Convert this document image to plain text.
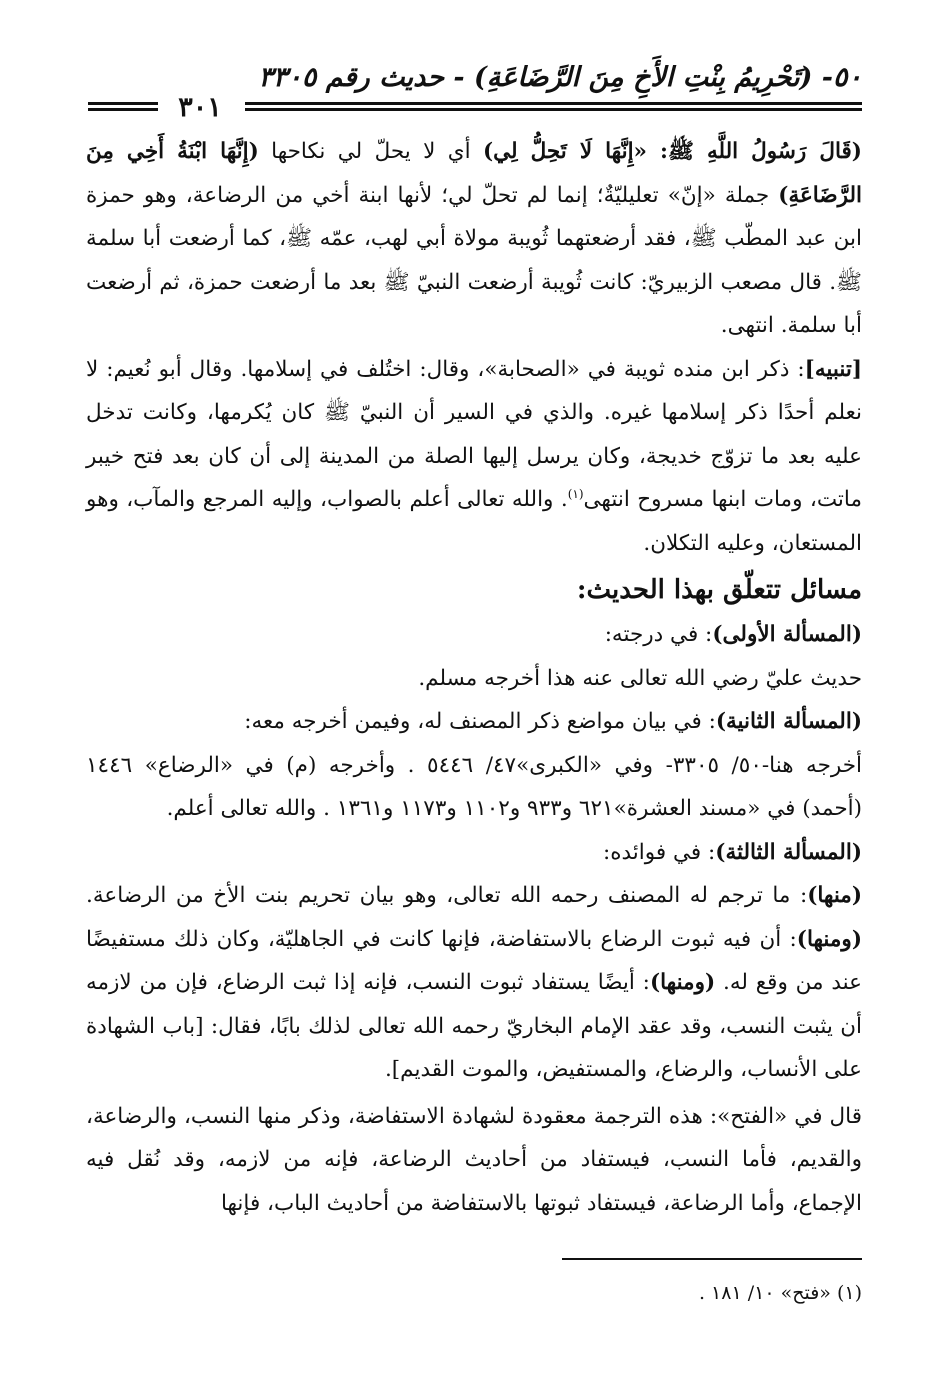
٥٠- (تَحْرِيمُ بِنْتِ الأَخِ مِنَ الرَّضَاعَةِ) - حديث رقم ٣٣٠٥
٣٠١

(قَالَ رَسُولُ اللَّهِ ﷺ: «إِنَّهَا لَا تَحِلُّ لِي) أي لا يحلّ لي نكاحها (إِنَّهَا ابْنَةُ أَخِي مِنَ الرَّضَاعَةِ) جملة «إنّ» تعليليّةٌ؛ إنما لم تحلّ لي؛ لأنها ابنة أخي من الرضاعة، وهو حمزة ابن عبد المطّب ﷺ، فقد أرضعتهما ثُويبة مولاة أبي لهب، عمّه ﷺ، كما أرضعت أبا سلمة ﷺ. قال مصعب الزبيريّ: كانت ثُويبة أرضعت النبيّ ﷺ بعد ما أرضعت حمزة، ثم أرضعت أبا سلمة. انتهى.

[تنبيه]: ذكر ابن منده ثويبة في «الصحابة»، وقال: اختُلف في إسلامها. وقال أبو نُعيم: لا نعلم أحدًا ذكر إسلامها غيره. والذي في السير أن النبيّ ﷺ كان يُكرمها، وكانت تدخل عليه بعد ما تزوّج خديجة، وكان يرسل إليها الصلة من المدينة إلى أن كان بعد فتح خيبر ماتت، ومات ابنها مسروح انتهى$^{(١)}$. والله تعالى أعلم بالصواب، وإليه المرجع والمآب، وهو المستعان، وعليه التكلان.

مسائل تتعلّق بهذا الحديث:

(المسألة الأولى): في درجته:

حديث عليّ رضي الله تعالى عنه هذا أخرجه مسلم.

(المسألة الثانية): في بيان مواضع ذكر المصنف له، وفيمن أخرجه معه:

أخرجه هنا-٥٠/ ٣٣٠٥- وفي «الكبرى»٤٧/ ٥٤٤٦ . وأخرجه (م) في «الرضاع» ١٤٤٦ (أحمد) في «مسند العشرة»٦٢١ و٩٣٣ و١١٠٢ و١١٧٣ و١٣٦١ . والله تعالى أعلم.

(المسألة الثالثة): في فوائده:

(منها): ما ترجم له المصنف رحمه الله تعالى، وهو بيان تحريم بنت الأخ من الرضاعة. (ومنها): أن فيه ثبوت الرضاع بالاستفاضة، فإنها كانت في الجاهليّة، وكان ذلك مستفيضًا عند من وقع له. (ومنها): أيضًا يستفاد ثبوت النسب، فإنه إذا ثبت الرضاع، فإن من لازمه أن يثبت النسب، وقد عقد الإمام البخاريّ رحمه الله تعالى لذلك بابًا، فقال: [باب الشهادة على الأنساب، والرضاع، والمستفيض، والموت القديم].

قال في «الفتح»: هذه الترجمة معقودة لشهادة الاستفاضة، وذكر منها النسب، والرضاعة، والقديم، فأما النسب، فيستفاد من أحاديث الرضاعة، فإنه من لازمه، وقد نُقل فيه الإجماع، وأما الرضاعة، فيستفاد ثبوتها بالاستفاضة من أحاديث الباب، فإنها

(١) «فتح» ١٠/ ١٨١ .
